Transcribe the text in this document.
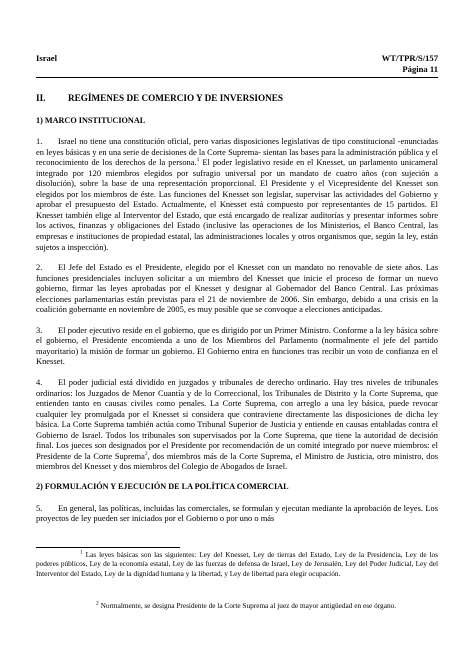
Israel	WT/TPR/S/157
Página 11
II.	REGÍMENES DE COMERCIO Y DE INVERSIONES
1) MARCO INSTITUCIONAL

1. Israel no tiene una constitución oficial, pero varias disposiciones legislativas de tipo constitucional -enunciadas en leyes básicas y en una serie de decisiones de la Corte Suprema- sientan las bases para la administración pública y el reconocimiento de los derechos de la persona.$^1$ El poder legislativo reside en el Knesset, un parlamento unicameral integrado por 120 miembros elegidos por sufragio universal por un mandato de cuatro años (con sujeción a disolución), sobre la base de una representación proporcional. El Presidente y el Vicepresidente del Knesset son elegidos por los miembros de éste. Las funciones del Knesset son legislar, supervisar las actividades del Gobierno y aprobar el presupuesto del Estado. Actualmente, el Knesset está compuesto por representantes de 15 partidos. El Knesset también elige al Interventor del Estado, que está encargado de realizar auditorías y presentar informes sobre los activos, finanzas y obligaciones del Estado (inclusive las operaciones de los Ministerios, el Banco Central, las empresas e instituciones de propiedad estatal, las administraciones locales y otros organismos que, según la ley, están sujetos a inspección).

2. El Jefe del Estado es el Presidente, elegido por el Knesset con un mandato no renovable de siete años. Las funciones presidenciales incluyen solicitar a un miembro del Knesset que inicie el proceso de formar un nuevo gobierno, firmar las leyes aprobadas por el Knesset y designar al Gobernador del Banco Central. Las próximas elecciones parlamentarias están previstas para el 21 de noviembre de 2006. Sin embargo, debido a una crisis en la coalición gobernante en noviembre de 2005, es muy posible que se convoque a elecciones anticipadas.

3. El poder ejecutivo reside en el gobierno, que es dirigido por un Primer Ministro. Conforme a la ley básica sobre el gobierno, el Presidente encomienda a uno de los Miembros del Parlamento (normalmente el jefe del partido mayoritario) la misión de formar un gobierno. El Gobierno entra en funciones tras recibir un voto de confianza en el Knesset.

4. El poder judicial está dividido en juzgados y tribunales de derecho ordinario. Hay tres niveles de tribunales ordinarios: los Juzgados de Menor Cuantía y de lo Correccional, los Tribunales de Distrito y la Corte Suprema, que entienden tanto en causas civiles como penales. La Corte Suprema, con arreglo a una ley básica, puede revocar cualquier ley promulgada por el Knesset si considera que contraviene directamente las disposiciones de dicha ley básica. La Corte Suprema también actúa como Tribunal Superior de Justicia y entiende en causas entabladas contra el Gobierno de Israel. Todos los tribunales son supervisados por la Corte Suprema, que tiene la autoridad de decisión final. Los jueces son designados por el Presidente por recomendación de un comité integrado por nueve miembros: el Presidente de la Corte Suprema$^2$, dos miembros más de la Corte Suprema, el Ministro de Justicia, otro ministro, dos miembros del Knesset y dos miembros del Colegio de Abogados de Israel.

2) FORMULACIÓN Y EJECUCIÓN DE LA POLÍTICA COMERCIAL

5. En general, las políticas, incluidas las comerciales, se formulan y ejecutan mediante la aprobación de leyes. Los proyectos de ley pueden ser iniciados por el Gobierno o por uno o más

$^1$ Las leyes básicas son las siguientes: Ley del Knesset, Ley de tierras del Estado, Ley de la Presidencia, Ley de los poderes públicos, Ley de la economía estatal, Ley de las fuerzas de defensa de Israel, Ley de Jerusalén, Ley del Poder Judicial, Ley del Interventor del Estado, Ley de la dignidad humana y la libertad, y Ley de libertad para elegir ocupación.
$^2$ Normalmente, se designa Presidente de la Corte Suprema al juez de mayor antigüedad en ese órgano.
